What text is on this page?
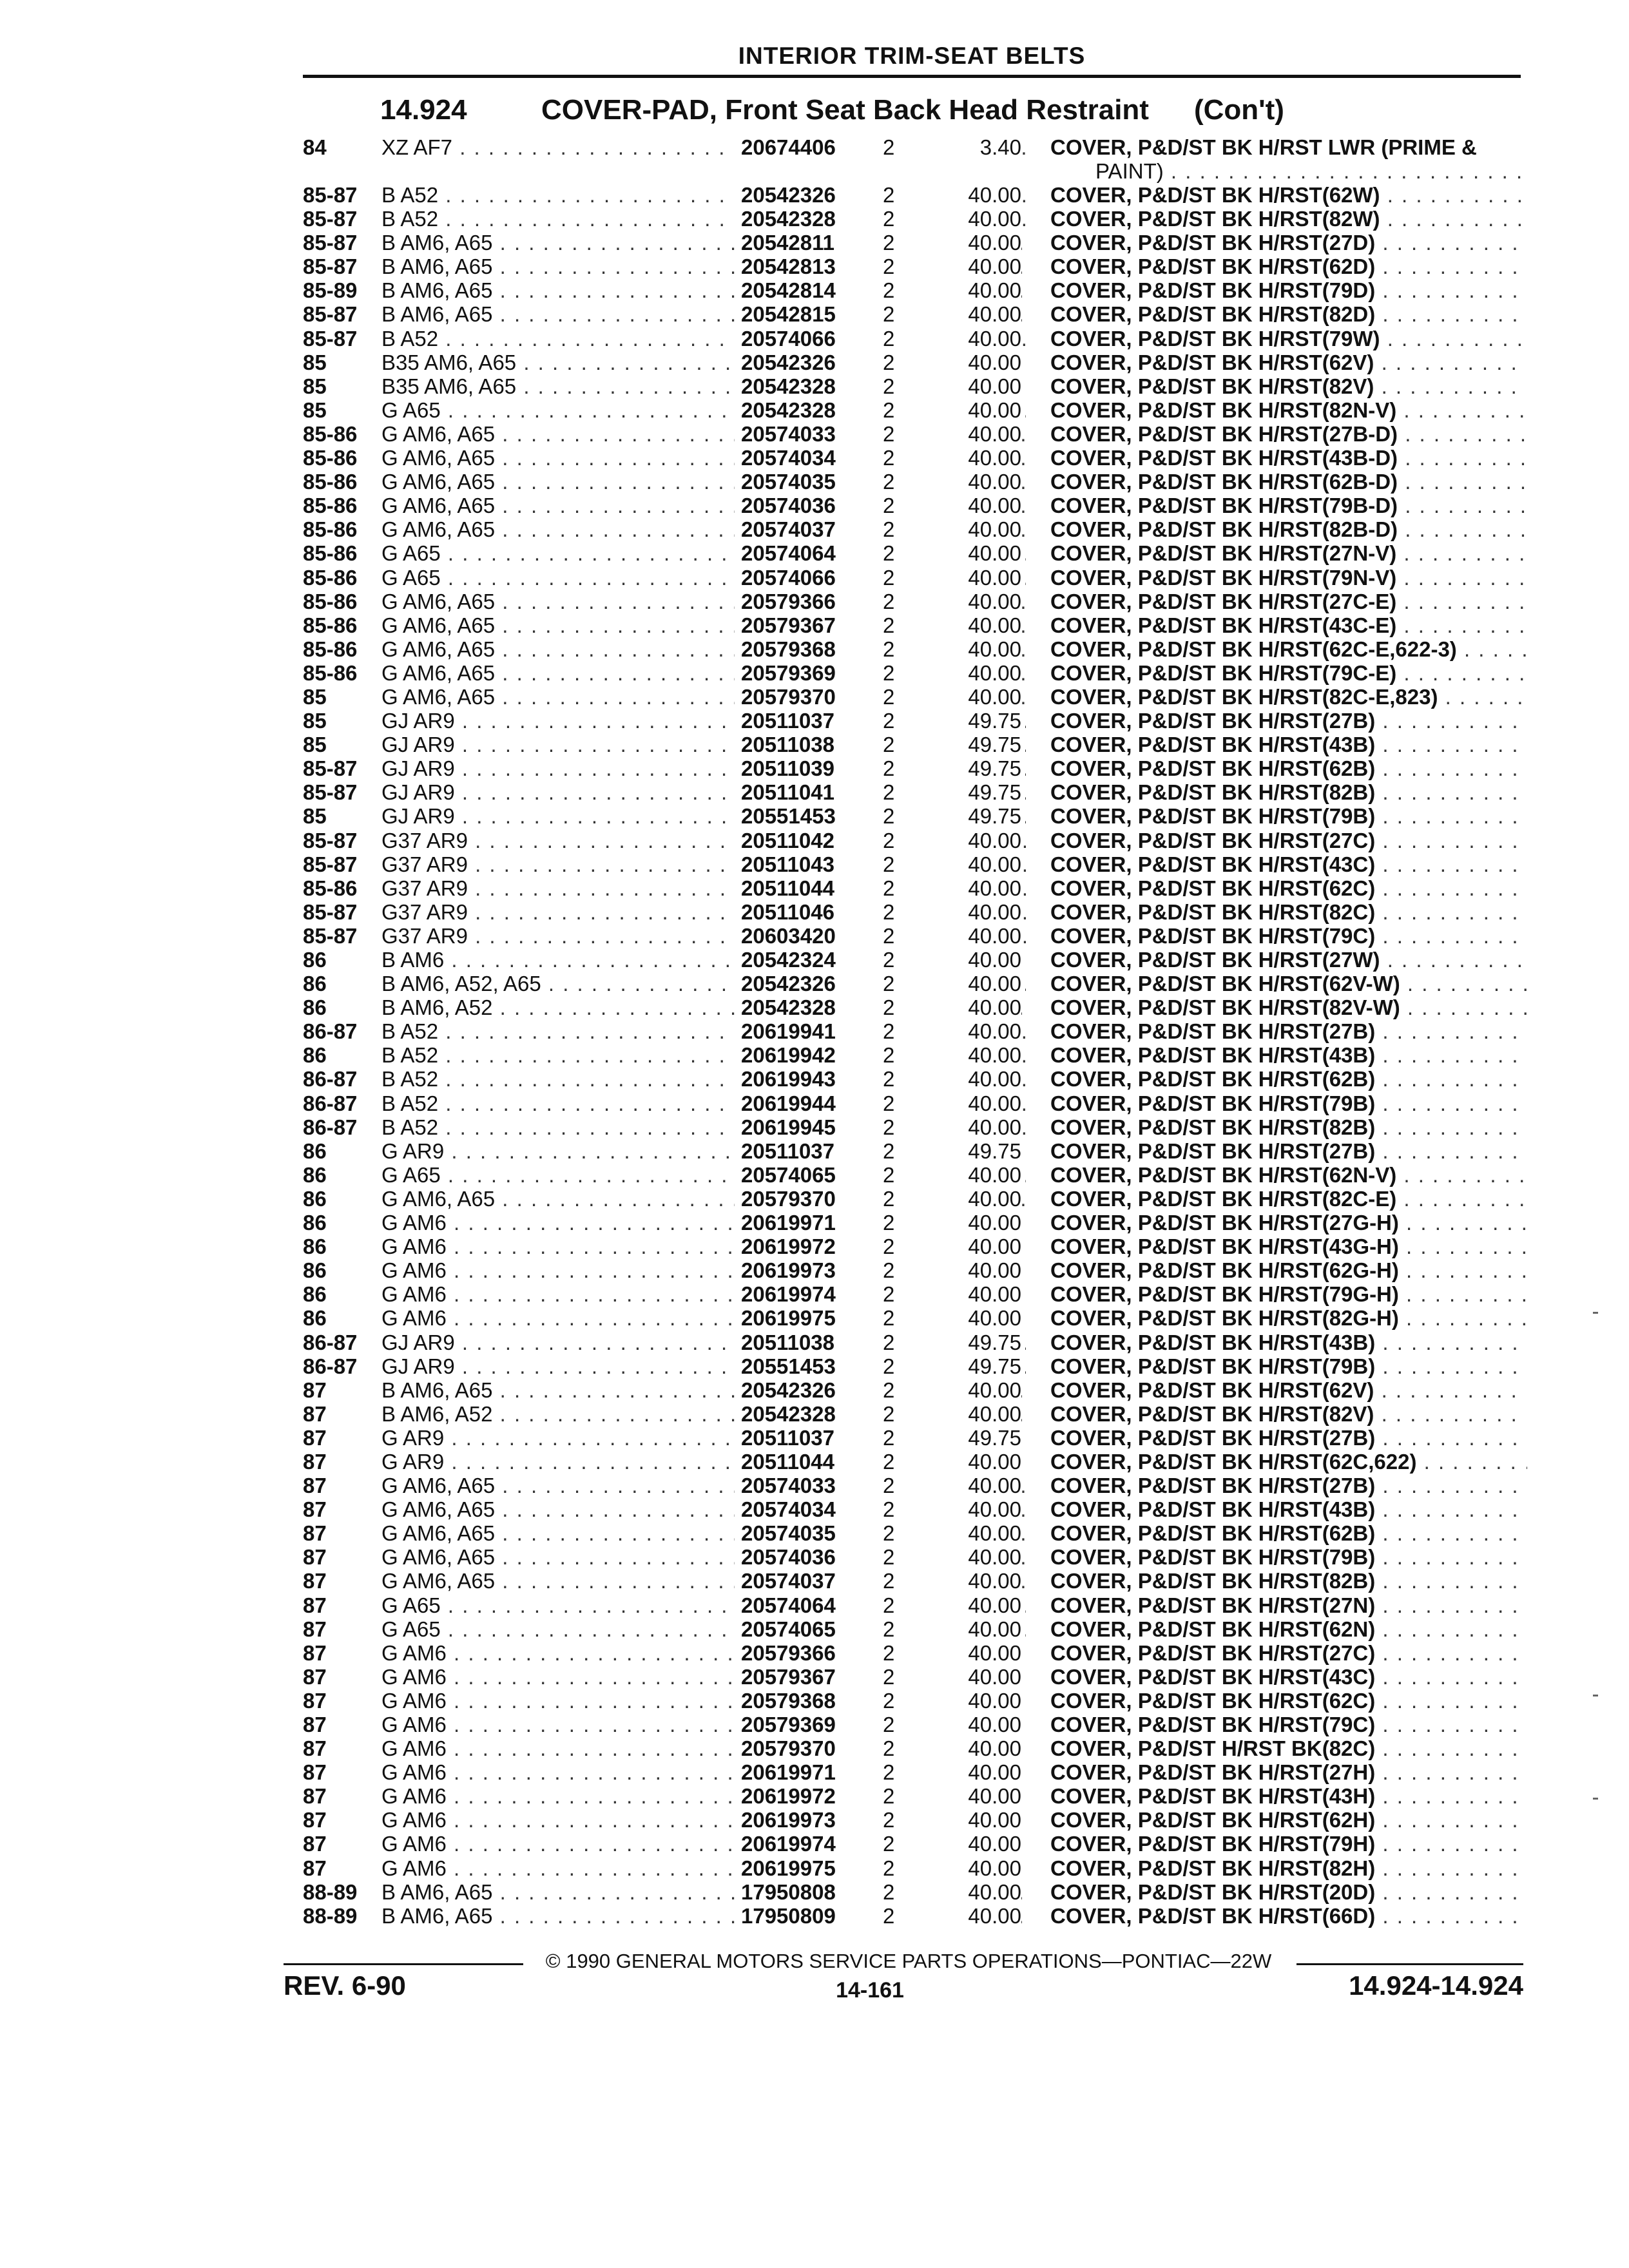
INTERIOR TRIM-SEAT BELTS
14.924	COVER-PAD, Front Seat Back Head Restraint (Con't)
84	XZ AF7 . . .	20674406	2	3.40 COVER, P&D/ST BK H/RST LWR (PRIME &
PAINT) . . .
85-87 B A52 . . .	20542326	2	40.00 COVER, P&D/ST BK H/RST(62W) . . .
85-87 B A52 . . .	20542328	2	40.00 COVER, P&D/ST BK H/RST(82W) . . .
85-87 B AM6, A65 . . .	20542811	2	40.00 COVER, P&D/ST BK H/RST(27D) . . .
85-87 B AM6, A65 . . .	20542813	2	40.00 COVER, P&D/ST BK H/RST(62D) . . .
85-89 B AM6, A65 . . .	20542814	2	40.00 COVER, P&D/ST BK H/RST(79D) . . .
85-87 B AM6, A65 . . .	20542815	2	40.00 COVER, P&D/ST BK H/RST(82D) . . .
85-87 B A52 . . .	20574066	2	40.00 COVER, P&D/ST BK H/RST(79W) . . .
85	B35 AM6, A65 . . .	20542326	2	40.00 COVER, P&D/ST BK H/RST(62V) . . .
85	B35 AM6, A65 . . .	20542328	2	40.00 COVER, P&D/ST BK H/RST(82V) . . .
85	G A65 . . .	20542328	2	40.00 COVER, P&D/ST BK H/RST(82N-V) . . .
85-86 G AM6, A65 . . .	20574033	2	40.00 COVER, P&D/ST BK H/RST(27B-D) . . .
85-86 G AM6, A65 . . .	20574034	2	40.00 COVER, P&D/ST BK H/RST(43B-D) . . .
85-86 G AM6, A65 . . .	20574035	2	40.00 COVER, P&D/ST BK H/RST(62B-D) . . .
85-86 G AM6, A65 . . .	20574036	2	40.00 COVER, P&D/ST BK H/RST(79B-D) . . .
85-86 G AM6, A65 . . .	20574037	2	40.00 COVER, P&D/ST BK H/RST(82B-D) . . .
85-86 G A65 . . .	20574064	2	40.00 COVER, P&D/ST BK H/RST(27N-V) . . .
85-86 G A65 . . .	20574066	2	40.00 COVER, P&D/ST BK H/RST(79N-V) . . .
85-86 G AM6, A65 . . .	20579366	2	40.00 COVER, P&D/ST BK H/RST(27C-E) . . .
85-86 G AM6, A65 . . .	20579367	2	40.00 COVER, P&D/ST BK H/RST(43C-E) . . .
85-86 G AM6, A65 . . .	20579368	2	40.00 COVER, P&D/ST BK H/RST(62C-E,622-3) . . .
85-86 G AM6, A65 . . .	20579369	2	40.00 COVER, P&D/ST BK H/RST(79C-E) . . .
85	G AM6, A65 . . .	20579370	2	40.00 COVER, P&D/ST BK H/RST(82C-E,823) . . .
85	GJ AR9 . . .	20511037	2	49.75 COVER, P&D/ST BK H/RST(27B) . . .
85	GJ AR9 . . .	20511038	2	49.75 COVER, P&D/ST BK H/RST(43B) . . .
85-87 GJ AR9 . . .	20511039	2	49.75 COVER, P&D/ST BK H/RST(62B) . . .
85-87 GJ AR9 . . .	20511041	2	49.75 COVER, P&D/ST BK H/RST(82B) . . .
85	GJ AR9 . . .	20551453	2	49.75 COVER, P&D/ST BK H/RST(79B) . . .
85-87 G37 AR9 . . .	20511042	2	40.00 COVER, P&D/ST BK H/RST(27C) . . .
85-87 G37 AR9 . . .	20511043	2	40.00 COVER, P&D/ST BK H/RST(43C) . . .
85-86 G37 AR9 . . .	20511044	2	40.00 COVER, P&D/ST BK H/RST(62C) . . .
85-87 G37 AR9 . . .	20511046	2	40.00 COVER, P&D/ST BK H/RST(82C) . . .
85-87 G37 AR9 . . .	20603420	2	40.00 COVER, P&D/ST BK H/RST(79C) . . .
86	B AM6 . . .	20542324	2	40.00 COVER, P&D/ST BK H/RST(27W) . . .
86	B AM6, A52, A65 . . .	20542326	2	40.00 COVER, P&D/ST BK H/RST(62V-W) . . .
86	B AM6, A52 . . .	20542328	2	40.00 COVER, P&D/ST BK H/RST(82V-W) . . .
86-87 B A52 . . .	20619941	2	40.00 COVER, P&D/ST BK H/RST(27B) . . .
86	B A52 . . .	20619942	2	40.00 COVER, P&D/ST BK H/RST(43B) . . .
86-87 B A52 . . .	20619943	2	40.00 COVER, P&D/ST BK H/RST(62B) . . .
86-87 B A52 . . .	20619944	2	40.00 COVER, P&D/ST BK H/RST(79B) . . .
86-87 B A52 . . .	20619945	2	40.00 COVER, P&D/ST BK H/RST(82B) . . .
86	G AR9 . . .	20511037	2	49.75 COVER, P&D/ST BK H/RST(27B) . . .
86	G A65 . . .	20574065	2	40.00 COVER, P&D/ST BK H/RST(62N-V) . . .
86	G AM6, A65 . . .	20579370	2	40.00 COVER, P&D/ST BK H/RST(82C-E) . . .
86	G AM6 . . .	20619971	2	40.00 COVER, P&D/ST BK H/RST(27G-H) . . .
86	G AM6 . . .	20619972	2	40.00 COVER, P&D/ST BK H/RST(43G-H) . . .
86	G AM6 . . .	20619973	2	40.00 COVER, P&D/ST BK H/RST(62G-H) . . .
86	G AM6 . . .	20619974	2	40.00 COVER, P&D/ST BK H/RST(79G-H) . . .
86	G AM6 . . .	20619975	2	40.00 COVER, P&D/ST BK H/RST(82G-H) . . .
86-87 GJ AR9 . . .	20511038	2	49.75 COVER, P&D/ST BK H/RST(43B) . . .
86-87 GJ AR9 . . .	20551453	2	49.75 COVER, P&D/ST BK H/RST(79B) . . .
87	B AM6, A65 . . .	20542326	2	40.00 COVER, P&D/ST BK H/RST(62V) . . .
87	B AM6, A52 . . .	20542328	2	40.00 COVER, P&D/ST BK H/RST(82V) . . .
87	G AR9 . . .	20511037	2	49.75 COVER, P&D/ST BK H/RST(27B) . . .
87	G AR9 . . .	20511044	2	40.00 COVER, P&D/ST BK H/RST(62C,622) . . .
87	G AM6, A65 . . .	20574033	2	40.00 COVER, P&D/ST BK H/RST(27B) . . .
87	G AM6, A65 . . .	20574034	2	40.00 COVER, P&D/ST BK H/RST(43B) . . .
87	G AM6, A65 . . .	20574035	2	40.00 COVER, P&D/ST BK H/RST(62B) . . .
87	G AM6, A65 . . .	20574036	2	40.00 COVER, P&D/ST BK H/RST(79B) . . .
87	G AM6, A65 . . .	20574037	2	40.00 COVER, P&D/ST BK H/RST(82B) . . .
87	G A65 . . .	20574064	2	40.00 COVER, P&D/ST BK H/RST(27N) . . .
87	G A65 . . .	20574065	2	40.00 COVER, P&D/ST BK H/RST(62N) . . .
87	G AM6 . . .	20579366	2	40.00 COVER, P&D/ST BK H/RST(27C) . . .
87	G AM6 . . .	20579367	2	40.00 COVER, P&D/ST BK H/RST(43C) . . .
87	G AM6 . . .	20579368	2	40.00 COVER, P&D/ST BK H/RST(62C) . . .
87	G AM6 . . .	20579369	2	40.00 COVER, P&D/ST BK H/RST(79C) . . .
87	G AM6 . . .	20579370	2	40.00 COVER, P&D/ST H/RST BK(82C) . . .
87	G AM6 . . .	20619971	2	40.00 COVER, P&D/ST BK H/RST(27H) . . .
87	G AM6 . . .	20619972	2	40.00 COVER, P&D/ST BK H/RST(43H) . . .
87	G AM6 . . .	20619973	2	40.00 COVER, P&D/ST BK H/RST(62H) . . .
87	G AM6 . . .	20619974	2	40.00 COVER, P&D/ST BK H/RST(79H) . . .
87	G AM6 . . .	20619975	2	40.00 COVER, P&D/ST BK H/RST(82H) . . .
88-89 B AM6, A65 . . .	17950808	2	40.00 COVER, P&D/ST BK H/RST(20D) . . .
88-89 B AM6, A65 . . .	17950809	2	40.00 COVER, P&D/ST BK H/RST(66D) . . .
© 1990 GENERAL MOTORS SERVICE PARTS OPERATIONS—PONTIAC—22W
REV. 6-90	14-161	14.924-14.924
